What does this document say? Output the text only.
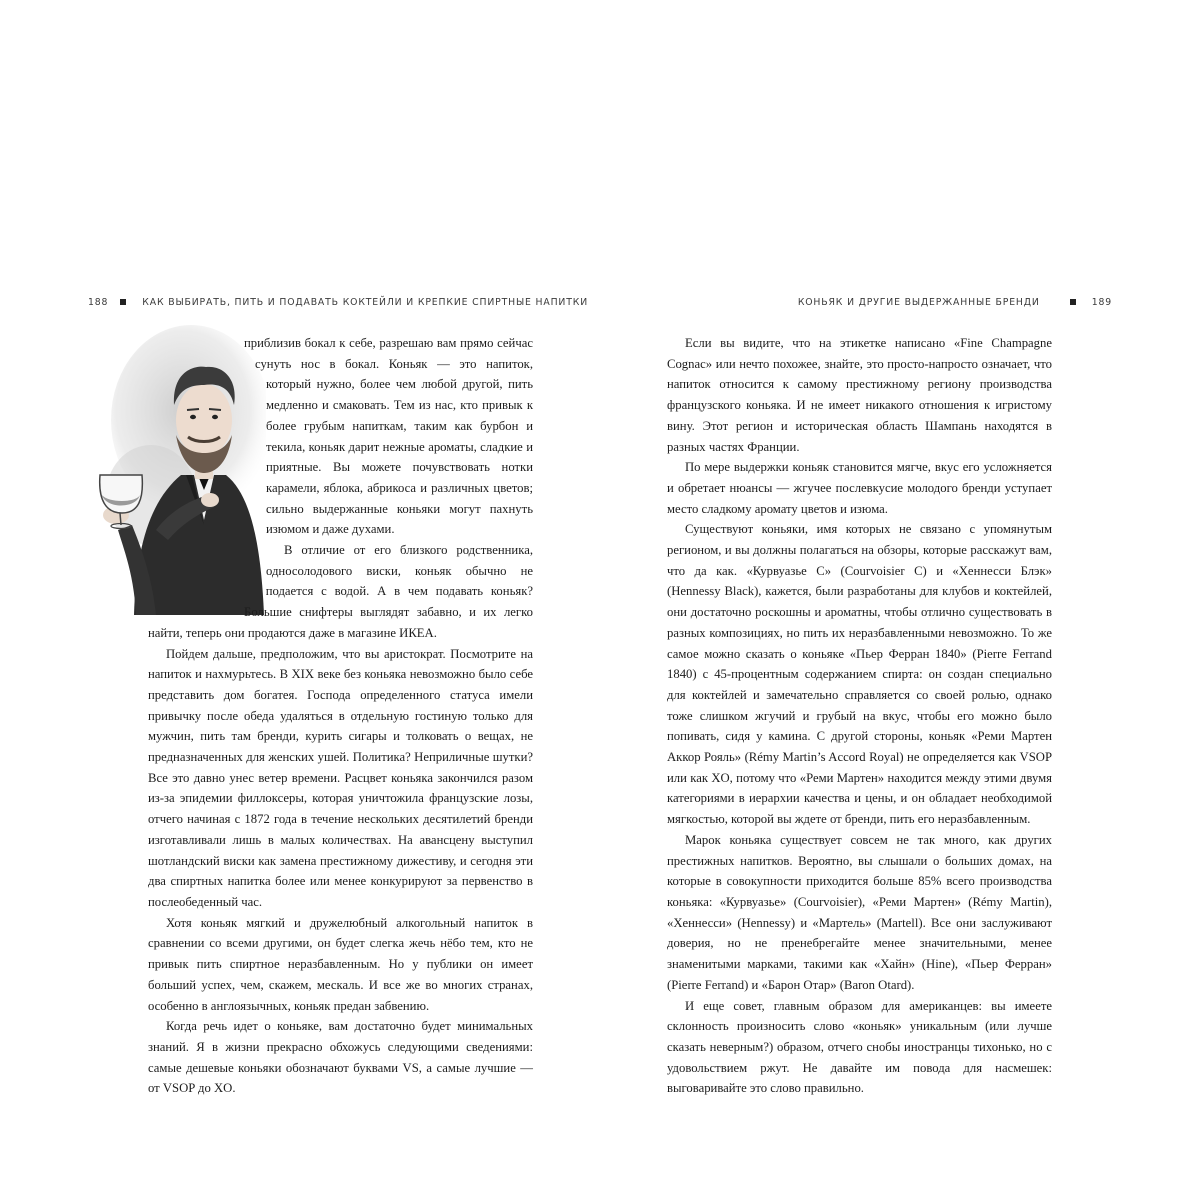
188	КАК ВЫБИРАТЬ, ПИТЬ И ПОДАВАТЬ КОКТЕЙЛИ И КРЕПКИЕ СПИРТНЫЕ НАПИТКИ	КОНЬЯК И ДРУГИЕ ВЫДЕРЖАННЫЕ БРЕНДИ	189

приблизив бокал к себе, разрешаю вам прямо сейчас сунуть нос в бокал. Коньяк — это напиток, который нужно, более чем любой другой, пить медленно и смаковать. Тем из нас, кто привык к более грубым напиткам, таким как бурбон и текила, коньяк дарит нежные ароматы, сладкие и приятные. Вы можете почувствовать нотки карамели, яблока, абрикоса и различных цветов; сильно выдержанные коньяки могут пахнуть изюмом и даже духами.

В отличие от его близкого родственника, односолодового виски, коньяк обычно не подается с водой. А в чем подавать коньяк? Большие снифтеры выглядят забавно, и их легко найти, теперь они продаются даже в магазине ИКЕА.

Пойдем дальше, предположим, что вы аристократ. Посмотрите на напиток и нахмурьтесь. В XIX веке без коньяка невозможно было себе представить дом богатея. Господа определенного статуса имели привычку после обеда удаляться в отдельную гостиную только для мужчин, пить там бренди, курить сигары и толковать о вещах, не предназначенных для женских ушей. Политика? Неприличные шутки? Все это давно унес ветер времени. Расцвет коньяка закончился разом из-за эпидемии филлоксеры, которая уничтожила французские лозы, отчего начиная с 1872 года в течение нескольких десятилетий бренди изготавливали лишь в малых количествах. На авансцену выступил шотландский виски как замена престижному дижестиву, и сегодня эти два спиртных напитка более или менее конкурируют за первенство в послеобеденный час.

Хотя коньяк мягкий и дружелюбный алкогольный напиток в сравнении со всеми другими, он будет слегка жечь нёбо тем, кто не привык пить спиртное неразбавленным. Но у публики он имеет больший успех, чем, скажем, мескаль. И все же во многих странах, особенно в англоязычных, коньяк предан забвению.

Когда речь идет о коньяке, вам достаточно будет минимальных знаний. Я в жизни прекрасно обхожусь следующими сведениями: самые дешевые коньяки обозначают буквами VS, а самые лучшие — от VSOP до XO.

Если вы видите, что на этикетке написано «Fine Champagne Cognac» или нечто похожее, знайте, это просто-напросто означает, что напиток относится к самому престижному региону производства французского коньяка. И не имеет никакого отношения к игристому вину. Этот регион и историческая область Шампань находятся в разных частях Франции.

По мере выдержки коньяк становится мягче, вкус его усложняется и обретает нюансы — жгучее послевкусие молодого бренди уступает место сладкому аромату цветов и изюма.

Существуют коньяки, имя которых не связано с упомянутым регионом, и вы должны полагаться на обзоры, которые расскажут вам, что да как. «Курвуазье С» (Courvoisier C) и «Хеннесси Блэк» (Hennessy Black), кажется, были разработаны для клубов и коктейлей, они достаточно роскошны и ароматны, чтобы отлично существовать в разных композициях, но пить их неразбавленными невозможно. То же самое можно сказать о коньяке «Пьер Ферран 1840» (Pierre Ferrand 1840) с 45-процентным содержанием спирта: он создан специально для коктейлей и замечательно справляется со своей ролью, однако тоже слишком жгучий и грубый на вкус, чтобы его можно было попивать, сидя у камина. С другой стороны, коньяк «Реми Мартен Аккор Рояль» (Rémy Martin’s Accord Royal) не определяется как VSOP или как XO, потому что «Реми Мартен» находится между этими двумя категориями в иерархии качества и цены, и он обладает необходимой мягкостью, которой вы ждете от бренди, пить его неразбавленным.

Марок коньяка существует совсем не так много, как других престижных напитков. Вероятно, вы слышали о больших домах, на которые в совокупности приходится больше 85% всего производства коньяка: «Курвуазье» (Courvoisier), «Реми Мартен» (Rémy Martin), «Хеннесси» (Hennessy) и «Мартель» (Martell). Все они заслуживают доверия, но не пренебрегайте менее значительными, менее знаменитыми марками, такими как «Хайн» (Hine), «Пьер Ферран» (Pierre Ferrand) и «Барон Отар» (Baron Otard).

И еще совет, главным образом для американцев: вы имеете склонность произносить слово «коньяк» уникальным (или лучше сказать неверным?) образом, отчего снобы иностранцы тихонько, но с удовольствием ржут. Не давайте им повода для насмешек: выговаривайте это слово правильно.
